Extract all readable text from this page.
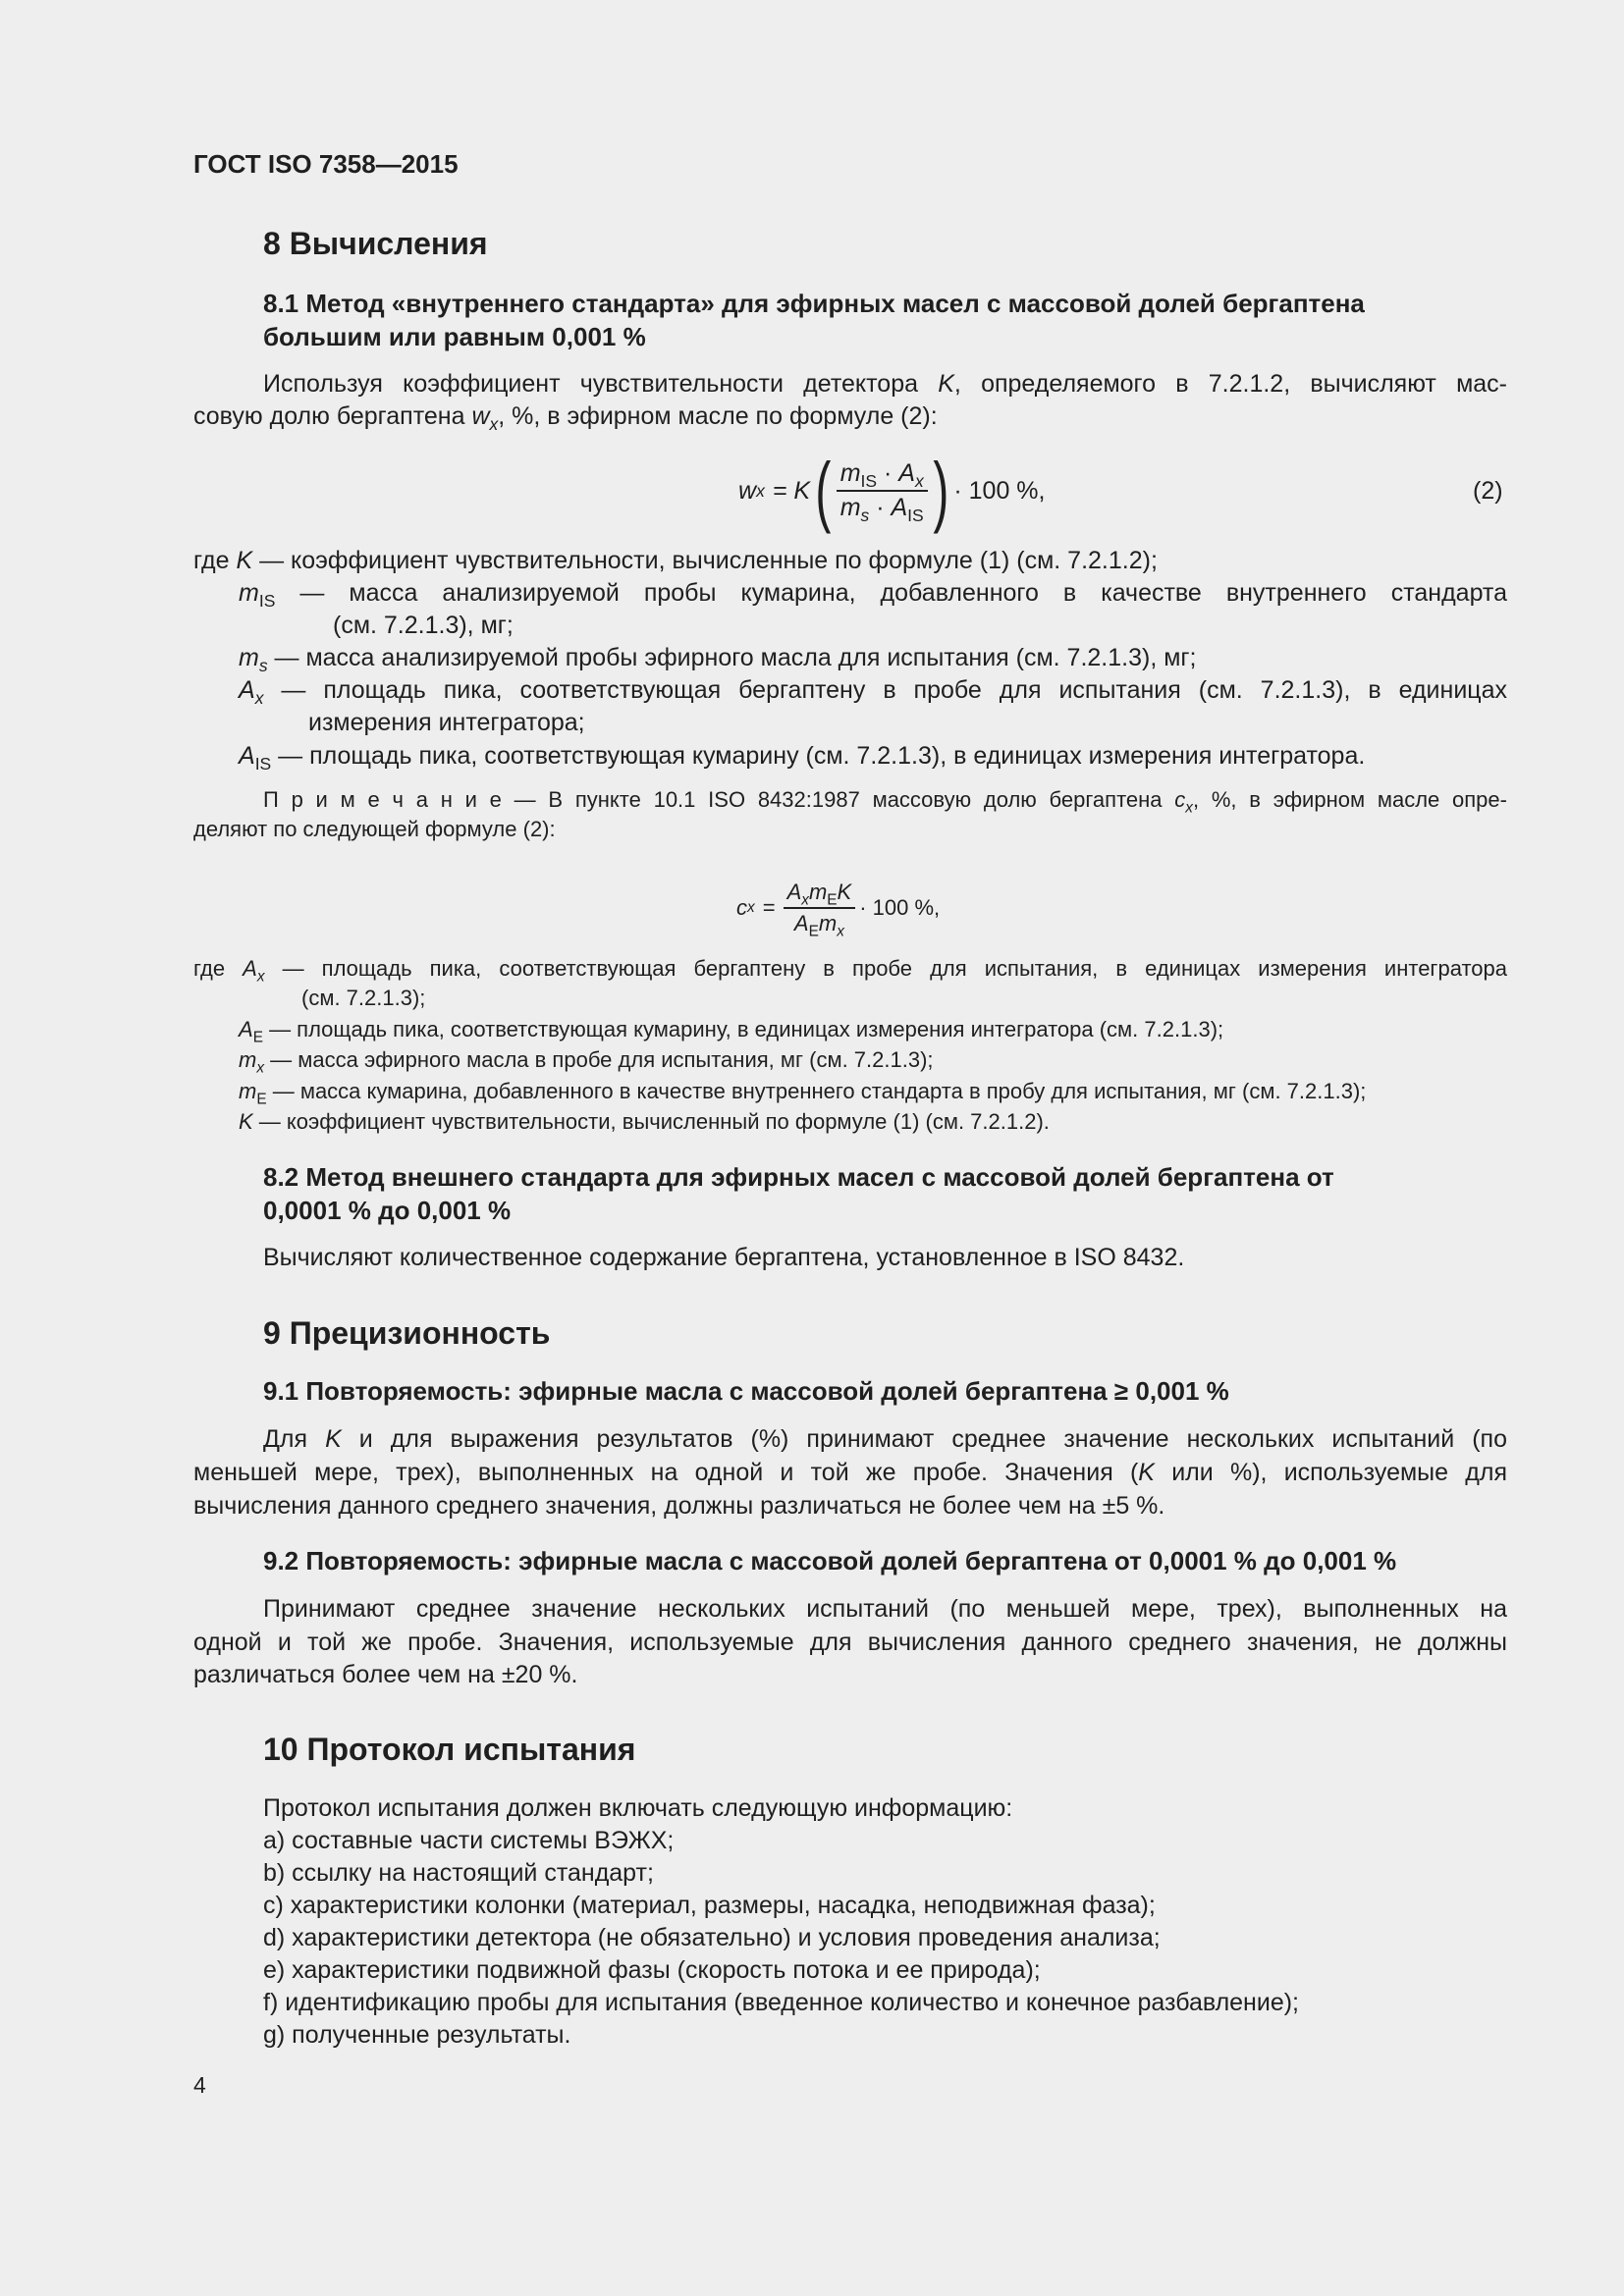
ГОСТ ISO 7358—2015
8 Вычисления
8.1 Метод «внутреннего стандарта» для эфирных масел с массовой долей бергаптена
большим или равным 0,001 %
Используя коэффициент чувствительности детектора K, определяемого в 7.2.1.2, вычисляют мас-
совую долю бергаптена $w_x$, %, в эфирном масле по формуле (2):
w x = K ( $\frac{m_{IS} \cdot A_x}{m_s \cdot A_{IS}}$ ) · 100 %,	(2)
где K — коэффициент чувствительности, вычисленные по формуле (1) (см. 7.2.1.2);
$m_{IS}$ — масса анализируемой пробы кумарина, добавленного в качестве внутреннего стандарта
(см. 7.2.1.3), мг;
$m_s$ — масса анализируемой пробы эфирного масла для испытания (см. 7.2.1.3), мг;
$A_x$ — площадь пика, соответствующая бергаптену в пробе для испытания (см. 7.2.1.3), в единицах
измерения интегратора;
$A_{IS}$ — площадь пика, соответствующая кумарину (см. 7.2.1.3), в единицах измерения интегратора.
П р и м е ч а н и е — В пункте 10.1 ISO 8432:1987 массовую долю бергаптена $c_x$, %, в эфирном масле опре-
деляют по следующей формуле (2):
c $x = \frac{A_xm_EK}{A_Em_x} \cdot 100$ %,
где $A_x$ — площадь пика, соответствующая бергаптену в пробе для испытания, в единицах измерения интегратора
(см. 7.2.1.3);
$A_E$ — площадь пика, соответствующая кумарину, в единицах измерения интегратора (см. 7.2.1.3);
$m_x$ — масса эфирного масла в пробе для испытания, мг (см. 7.2.1.3);
$m_E$ — масса кумарина, добавленного в качестве внутреннего стандарта в пробу для испытания, мг (см. 7.2.1.3);
K — коэффициент чувствительности, вычисленный по формуле (1) (см. 7.2.1.2).
8.2 Метод внешнего стандарта для эфирных масел с массовой долей бергаптена от
0,0001 % до 0,001 %
Вычисляют количественное содержание бергаптена, установленное в ISO 8432.
9 Прецизионность
9.1 Повторяемость: эфирные масла с массовой долей бергаптена ≥ 0,001 %
Для K и для выражения результатов (%) принимают среднее значение нескольких испытаний (по
меньшей мере, трех), выполненных на одной и той же пробе. Значения (K или %), используемые для
вычисления данного среднего значения, должны различаться не более чем на ±5 %.
9.2 Повторяемость: эфирные масла с массовой долей бергаптена от 0,0001 % до 0,001 %
Принимают среднее значение нескольких испытаний (по меньшей мере, трех), выполненных на
одной и той же пробе. Значения, используемые для вычисления данного среднего значения, не должны
различаться более чем на ±20 %.
10 Протокол испытания
Протокол испытания должен включать следующую информацию:
a) составные части системы ВЭЖХ;
b) ссылку на настоящий стандарт;
c) характеристики колонки (материал, размеры, насадка, неподвижная фаза);
d) характеристики детектора (не обязательно) и условия проведения анализа;
e) характеристики подвижной фазы (скорость потока и ее природа);
f) идентификацию пробы для испытания (введенное количество и конечное разбавление);
g) полученные результаты.
4
